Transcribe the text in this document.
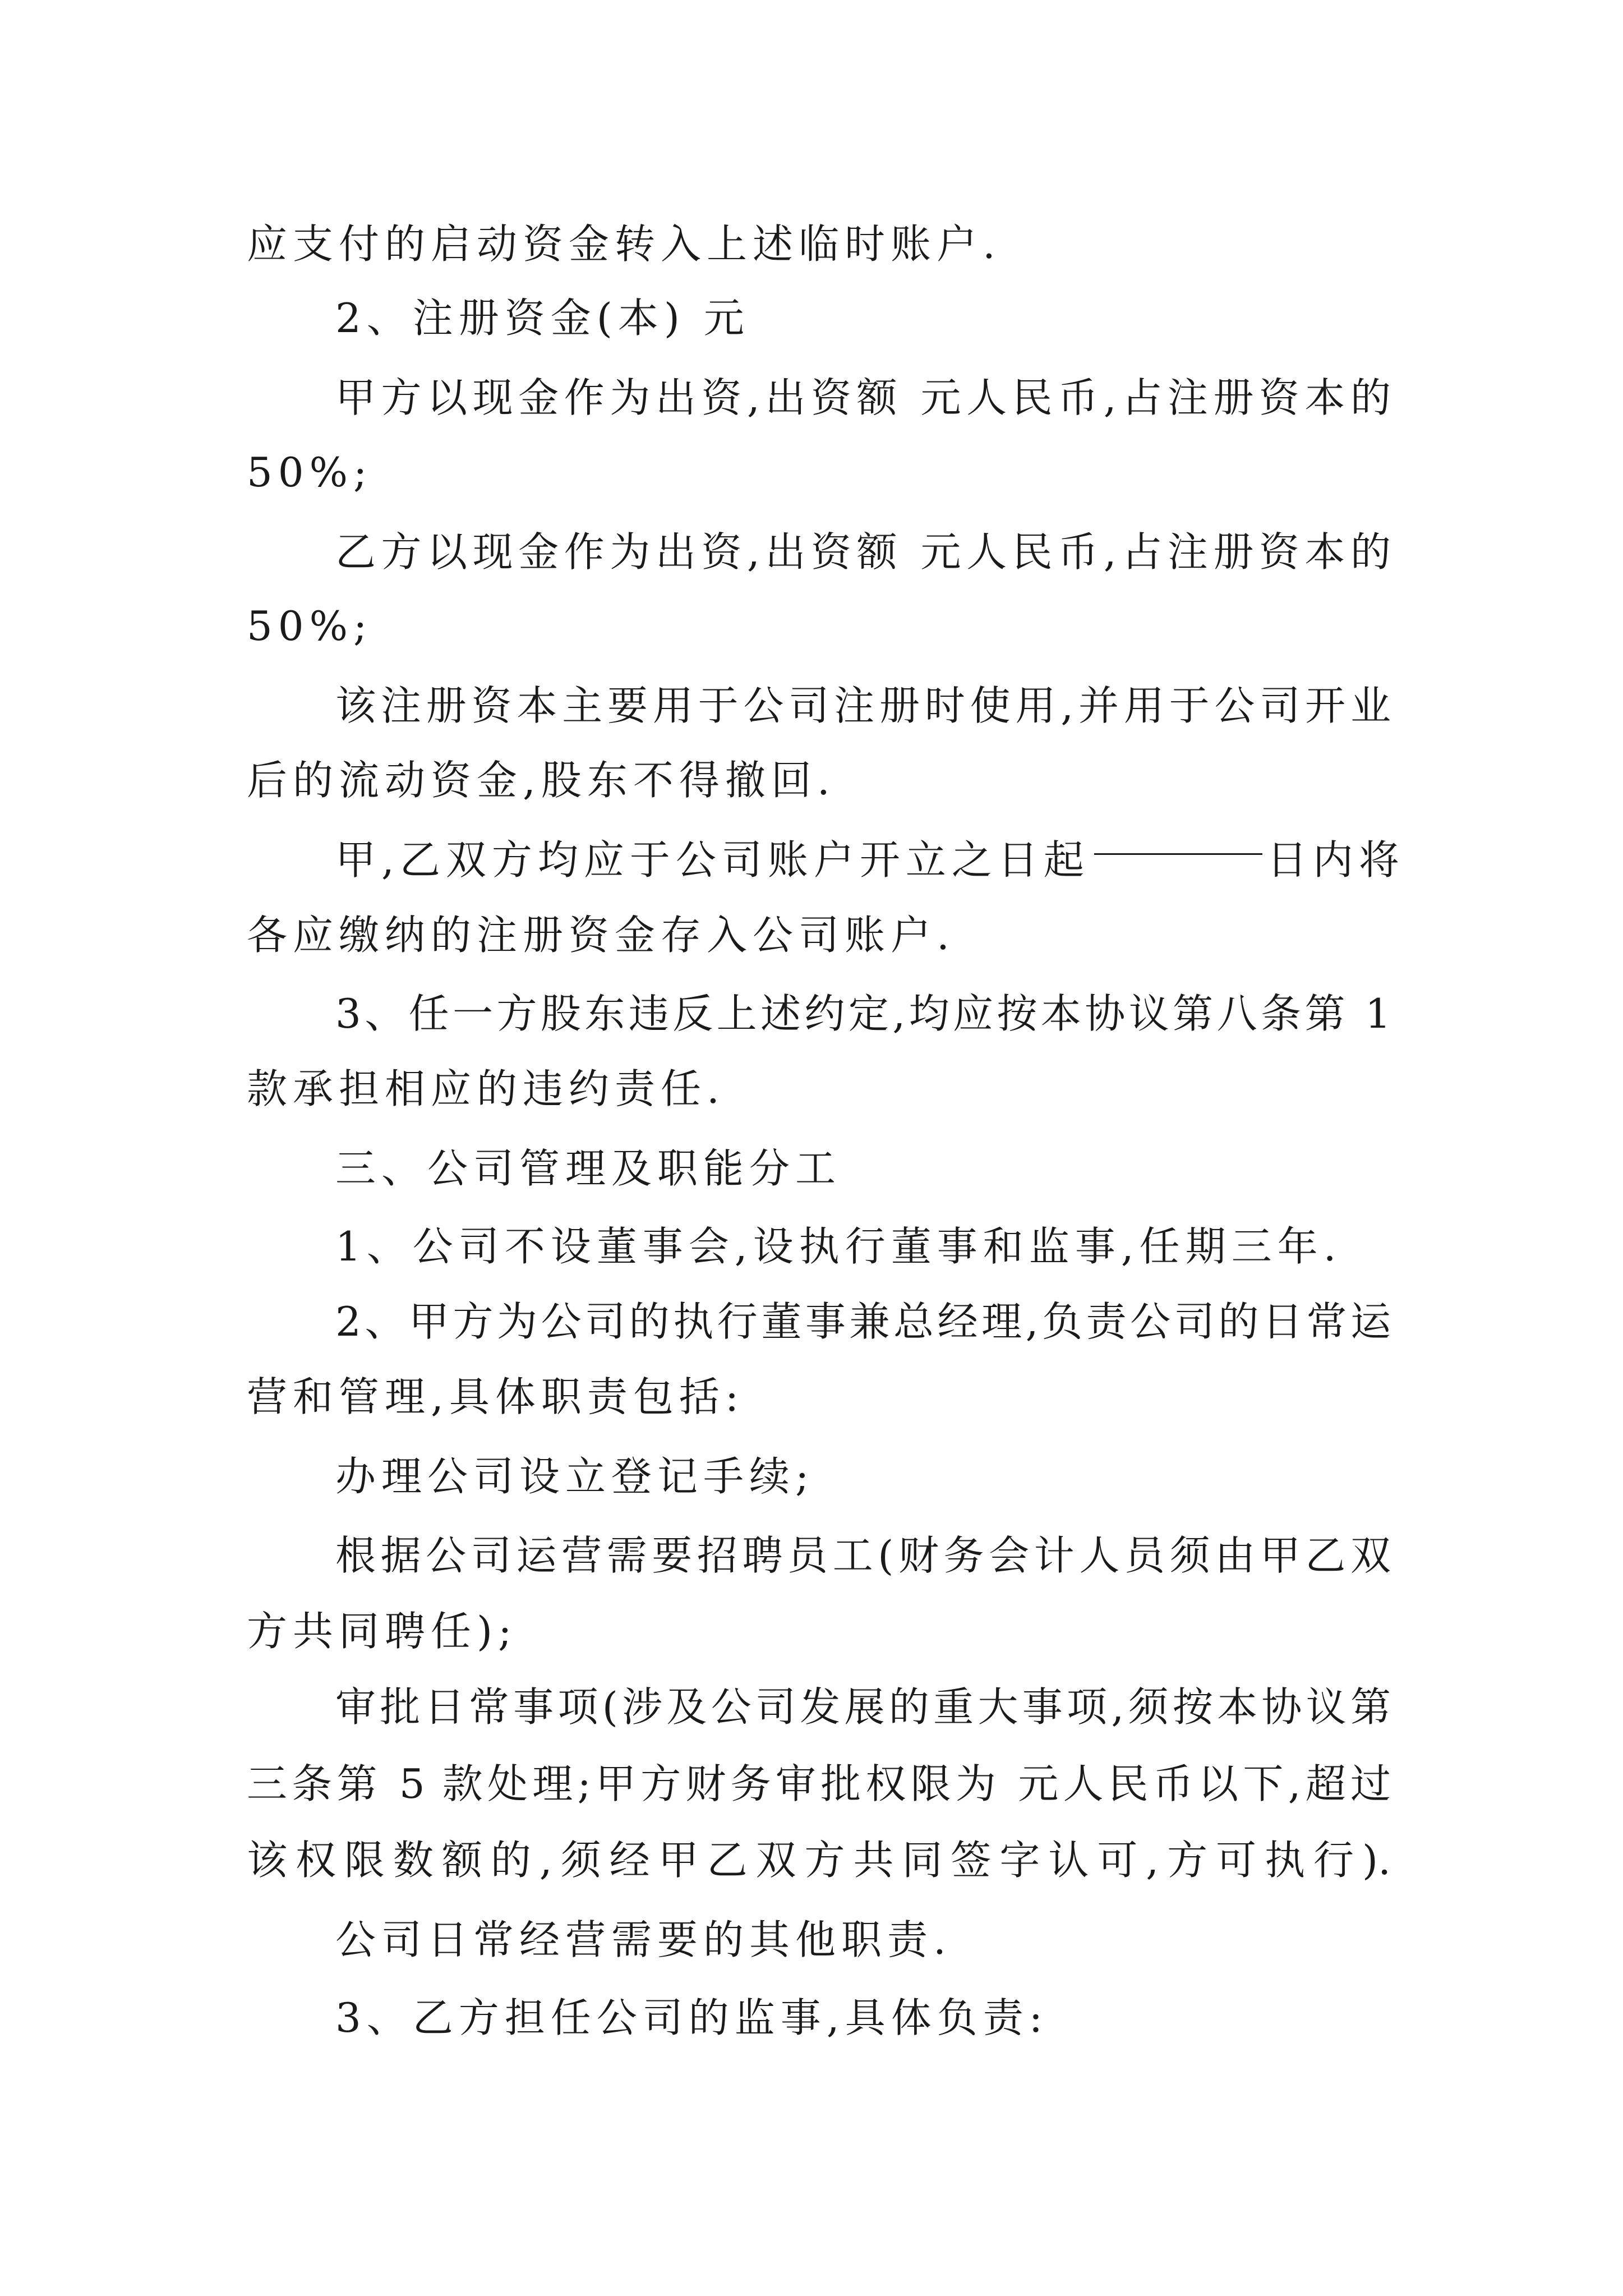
应支付的启动资金转入上述临时账户.
2、注册资金(本) 元
甲方以现金作为出资,出资额 元人民币,占注册资本的
50%;
乙方以现金作为出资,出资额 元人民币,占注册资本的
50%;
该注册资本主要用于公司注册时使用,并用于公司开业
后的流动资金,股东不得撤回.
甲,乙双方均应于公司账户开立之日起	日内将
各应缴纳的注册资金存入公司账户.
3、任一方股东违反上述约定,均应按本协议第八条第 1
款承担相应的违约责任.
三、公司管理及职能分工
1、公司不设董事会,设执行董事和监事,任期三年.
2、甲方为公司的执行董事兼总经理,负责公司的日常运
营和管理,具体职责包括:
办理公司设立登记手续;
根据公司运营需要招聘员工(财务会计人员须由甲乙双
方共同聘任);
审批日常事项(涉及公司发展的重大事项,须按本协议第
三条第 5 款处理;甲方财务审批权限为 元人民币以下,超过
该权限数额的,须经甲乙双方共同签字认可,方可执行).
公司日常经营需要的其他职责.
3、乙方担任公司的监事,具体负责:
